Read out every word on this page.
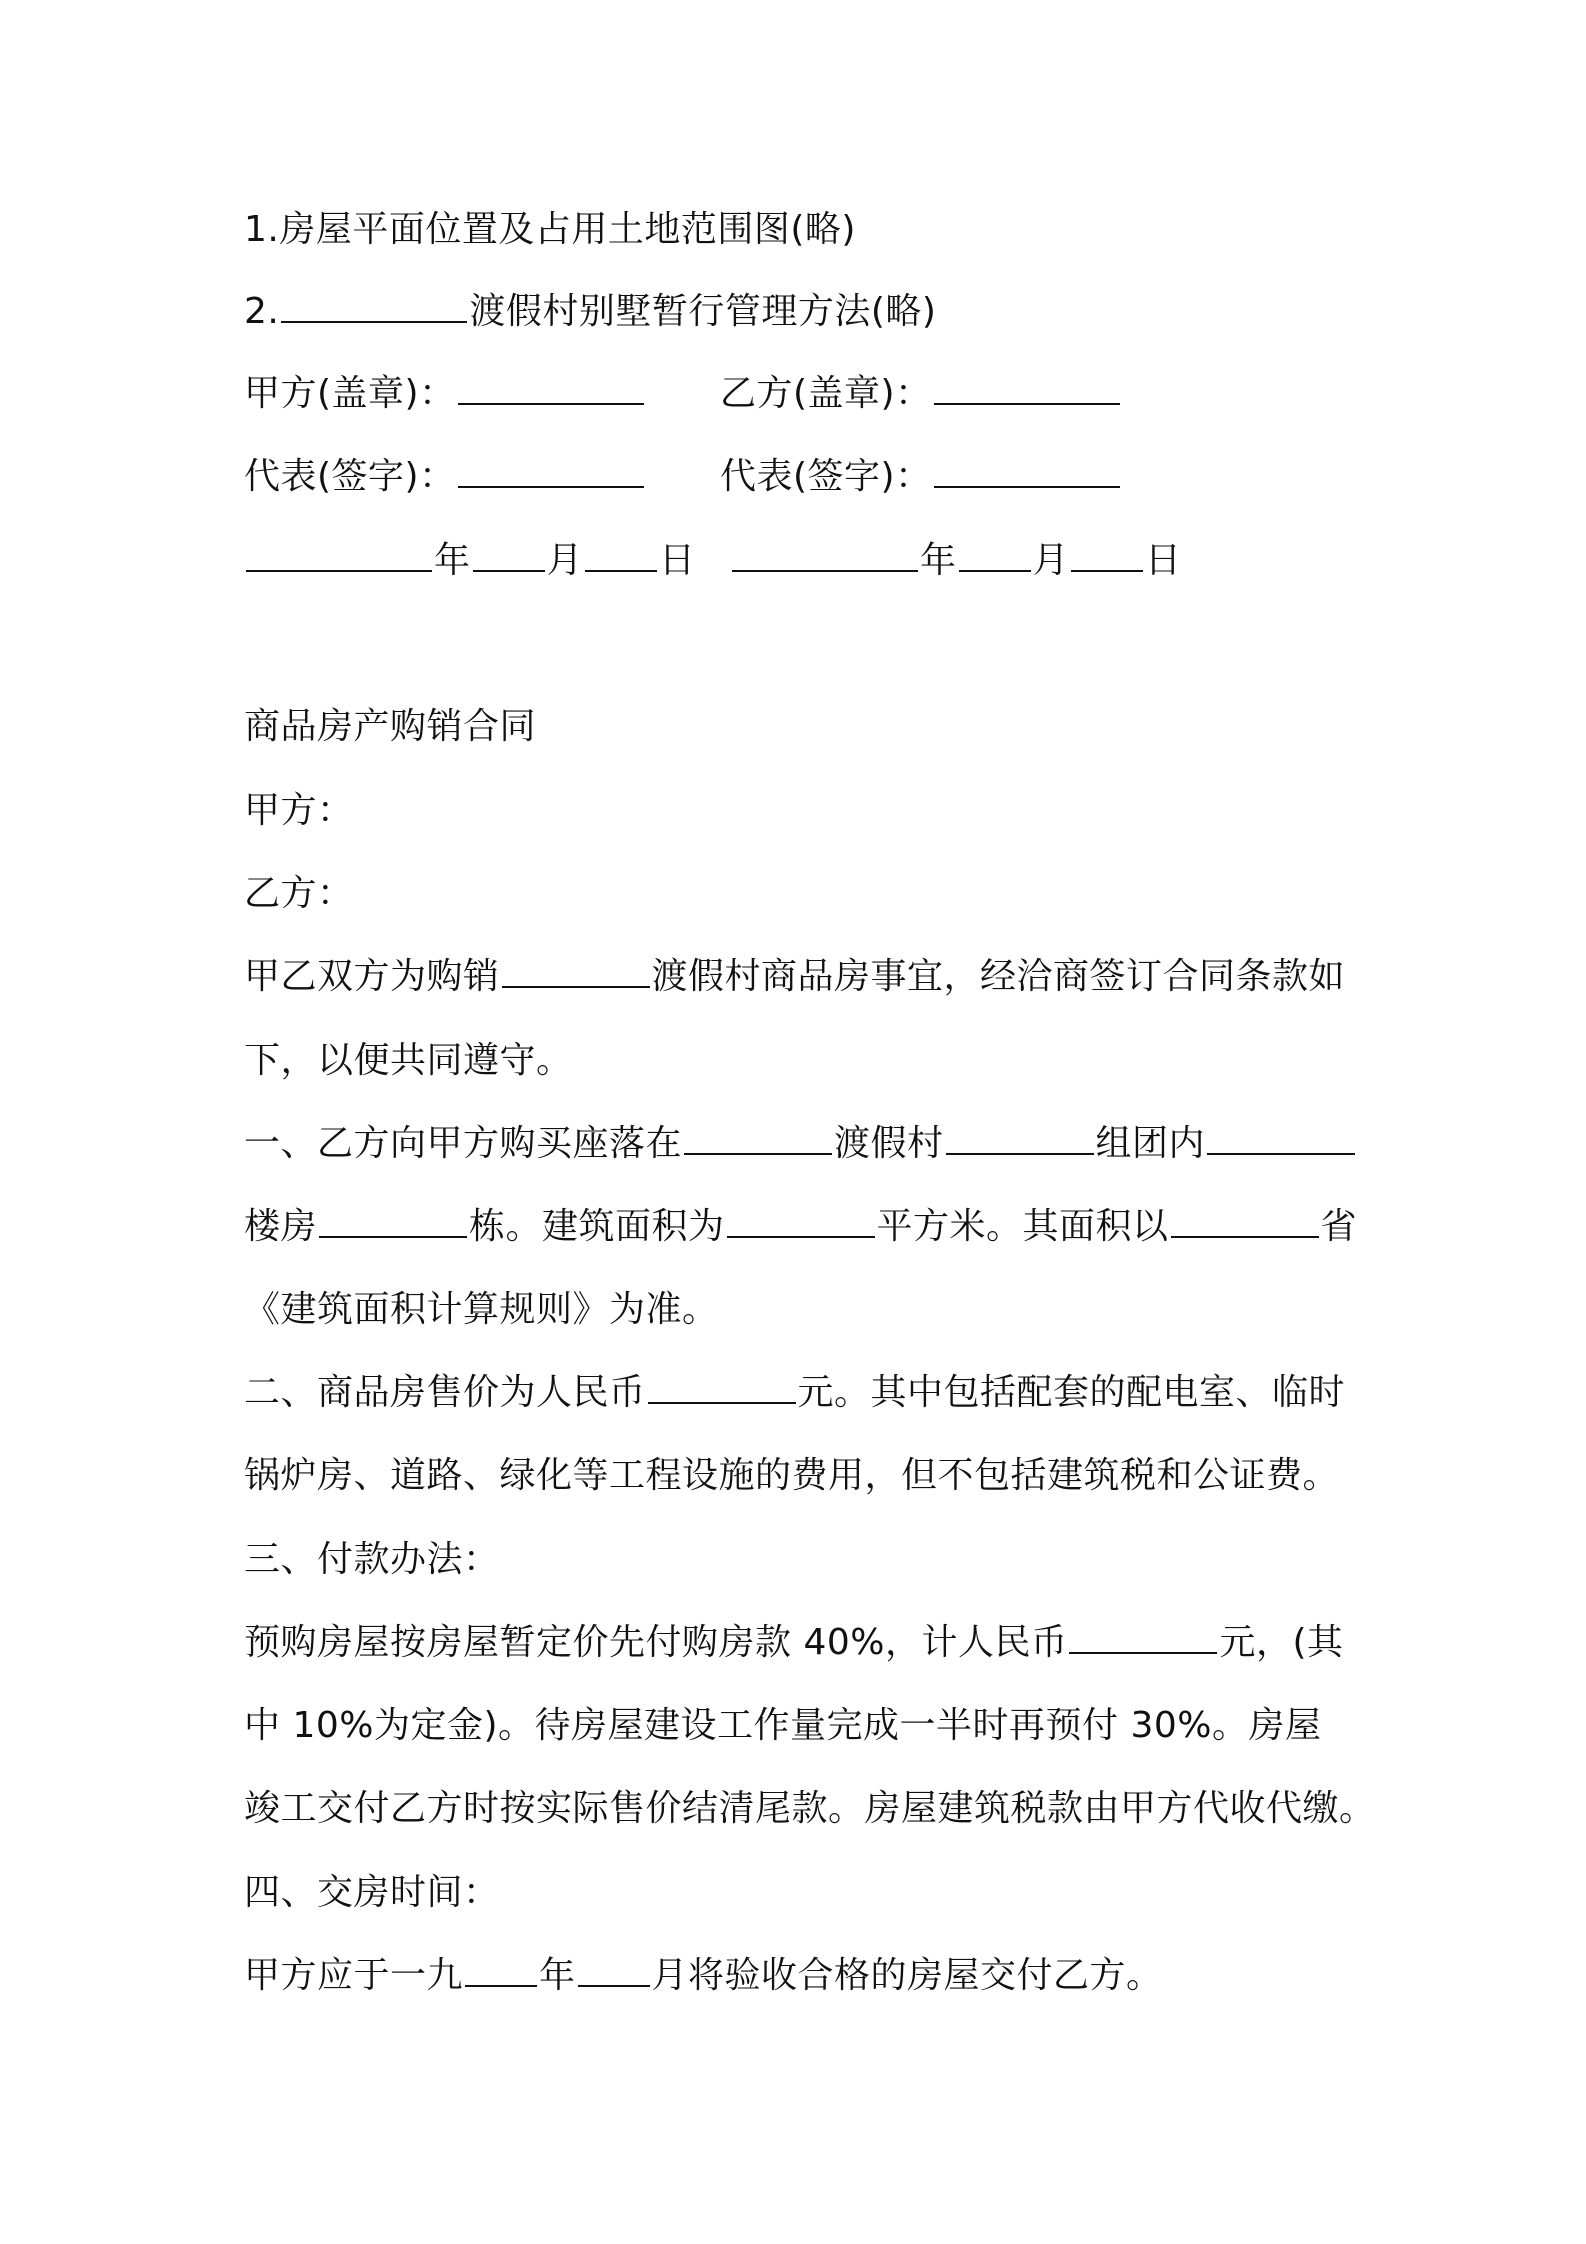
1.房屋平面位置及占用土地范围图(略)
2.	渡假村别墅暂行管理方法(略)
甲方(盖章)：	乙方(盖章)：
代表(签字)：	代表(签字)：
年 月 日	年 月 日
商品房产购销合同
甲方：
乙方：
甲乙双方为购销	渡假村商品房事宜，经洽商签订合同条款如
下，以便共同遵守。
一、乙方向甲方购买座落在	渡假村	组团内
楼房	栋。建筑面积为	平方米。其面积以	省
《建筑面积计算规则》为准。
二、商品房售价为人民币	元。其中包括配套的配电室、临时
锅炉房、道路、绿化等工程设施的费用，但不包括建筑税和公证费。
三、付款办法：
预购房屋按房屋暂定价先付购房款 40%，计人民币	元，(其
中 10%为定金)。待房屋建设工作量完成一半时再预付 30%。房屋
竣工交付乙方时按实际售价结清尾款。房屋建筑税款由甲方代收代缴。
四、交房时间：
甲方应于一九 年 月将验收合格的房屋交付乙方。
